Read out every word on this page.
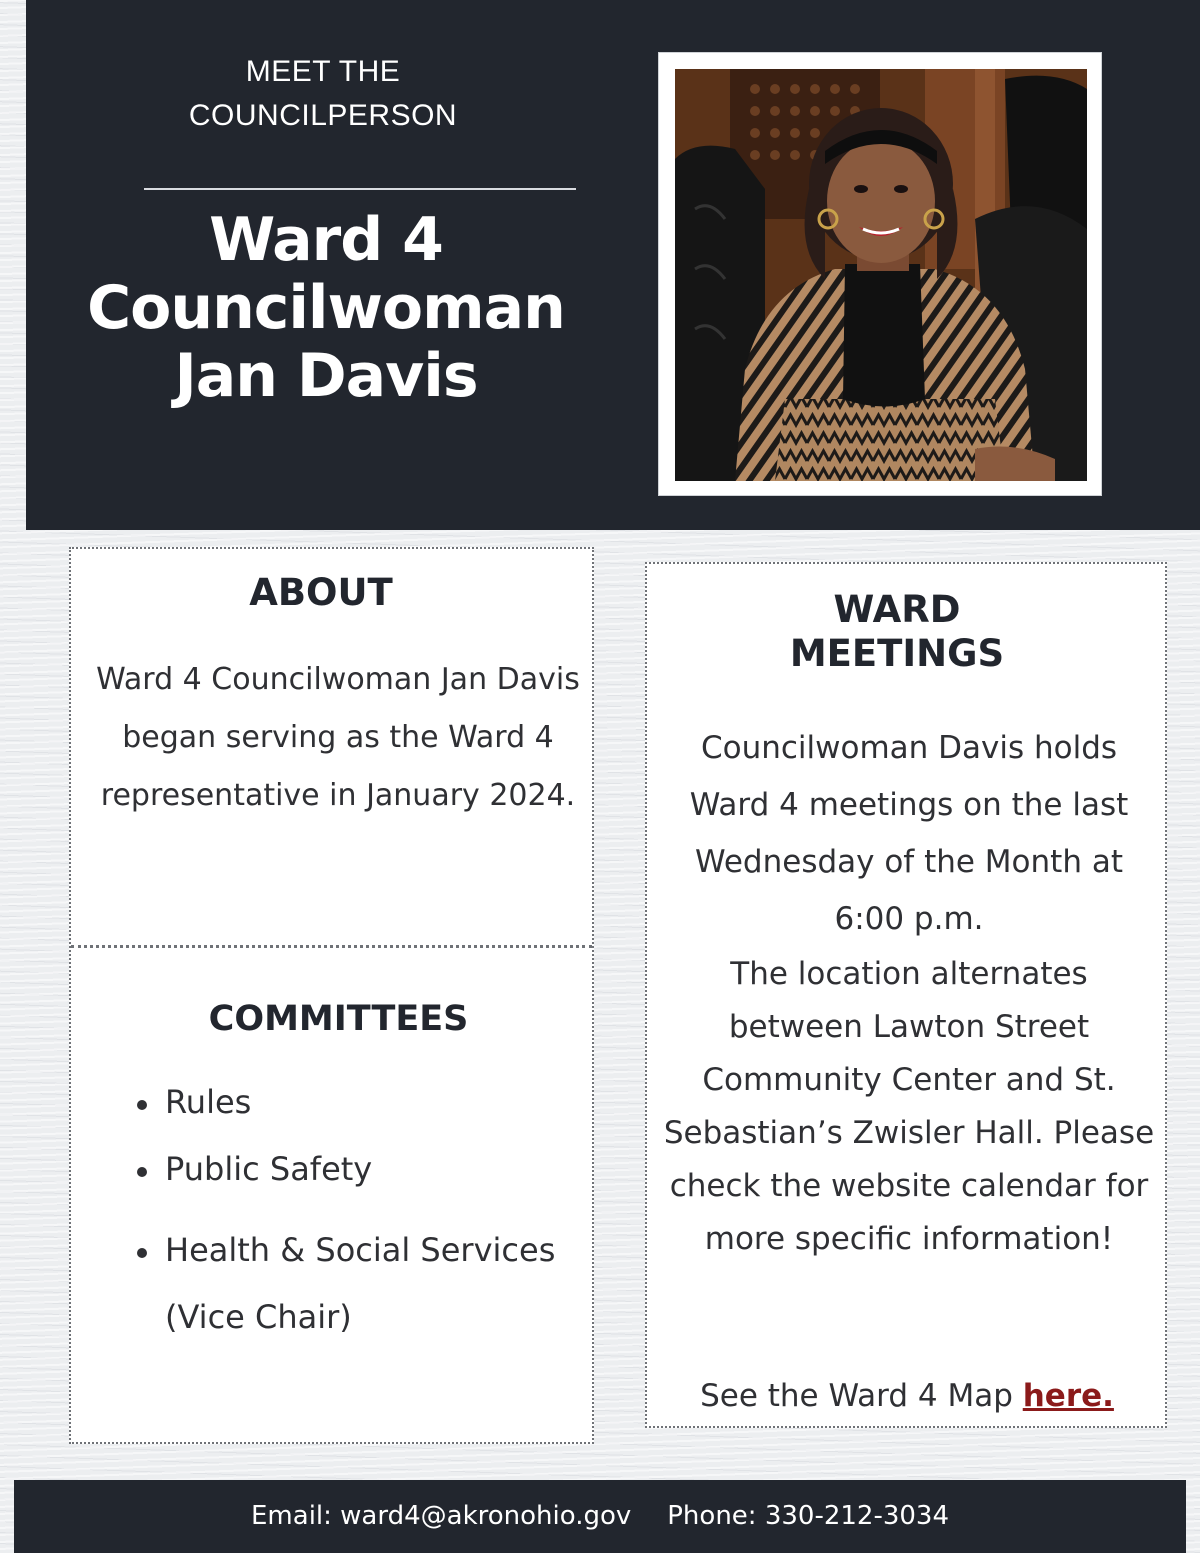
MEET THE
COUNCILPERSON
Ward 4
Councilwoman
Jan Davis
ABOUT

Ward 4 Councilwoman Jan Davis began serving as the Ward 4 representative in January 2024.

COMMITTEES
Rules
Public Safety
Health & Social Services (Vice Chair)
WARD
MEETINGS
Councilwoman Davis holds Ward 4 meetings on the last Wednesday of the Month at 6:00 p.m.
The location alternates between Lawton Street Community Center and St. Sebastian’s Zwisler Hall. Please check the website calendar for more specific information!

See the Ward 4 Map here.

Email: ward4@akronohio.gov Phone: 330-212-3034
